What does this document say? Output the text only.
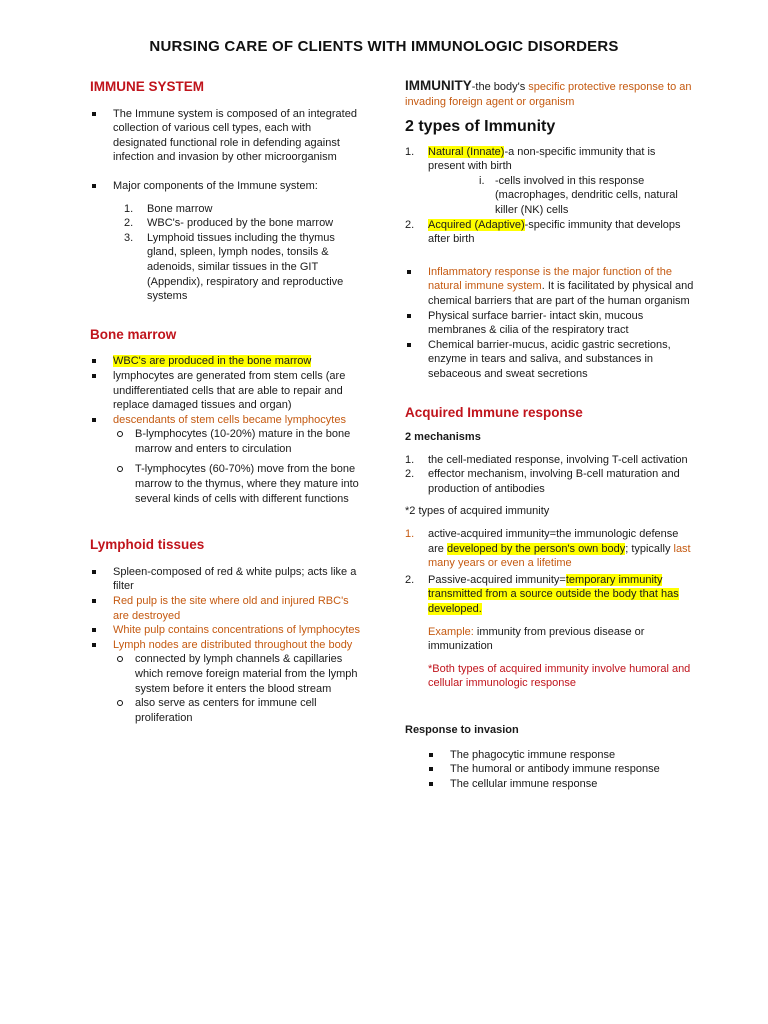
NURSING CARE OF CLIENTS WITH IMMUNOLOGIC DISORDERS
IMMUNE SYSTEM
The Immune system is composed of an integrated collection of various cell types, each with designated functional role in defending against infection and invasion by other microorganism
Major components of the Immune system:
1. Bone marrow
2. WBC's- produced by the bone marrow
3. Lymphoid tissues including the thymus gland, spleen, lymph nodes, tonsils & adenoids, similar tissues in the GIT (Appendix), respiratory and reproductive systems
Bone marrow
WBC's are produced in the bone marrow
lymphocytes are generated from stem cells (are undifferentiated cells that are able to repair and replace damaged tissues and organ)
descendants of stem cells became lymphocytes
B-lymphocytes (10-20%) mature in the bone marrow and enters to circulation
T-lymphocytes (60-70%) move from the bone marrow to the thymus, where they mature into several kinds of cells with different functions
Lymphoid tissues
Spleen-composed of red & white pulps; acts like a filter
Red pulp is the site where old and injured RBC's are destroyed
White pulp contains concentrations of lymphocytes
Lymph nodes are distributed throughout the body
connected by lymph channels & capillaries which remove foreign material from the lymph system before it enters the blood stream
also serve as centers for immune cell proliferation
IMMUNITY-the body's specific protective response to an invading foreign agent or organism
2 types of Immunity
1. Natural (Innate)-a non-specific immunity that is present with birth
i. -cells involved in this response (macrophages, dendritic cells, natural killer (NK) cells
2. Acquired (Adaptive)-specific immunity that develops after birth
Inflammatory response is the major function of the natural immune system. It is facilitated by physical and chemical barriers that are part of the human organism
Physical surface barrier- intact skin, mucous membranes & cilia of the respiratory tract
Chemical barrier-mucus, acidic gastric secretions, enzyme in tears and saliva, and substances in sebaceous and sweat secretions
Acquired Immune response
2 mechanisms
1. the cell-mediated response, involving T-cell activation
2. effector mechanism, involving B-cell maturation and production of antibodies
*2 types of acquired immunity
1. active-acquired immunity=the immunologic defense are developed by the person's own body; typically last many years or even a lifetime
2. Passive-acquired immunity=temporary immunity transmitted from a source outside the body that has developed.
Example: immunity from previous disease or immunization
*Both types of acquired immunity involve humoral and cellular immunologic response
Response to invasion
The phagocytic immune response
The humoral or antibody immune response
The cellular immune response
